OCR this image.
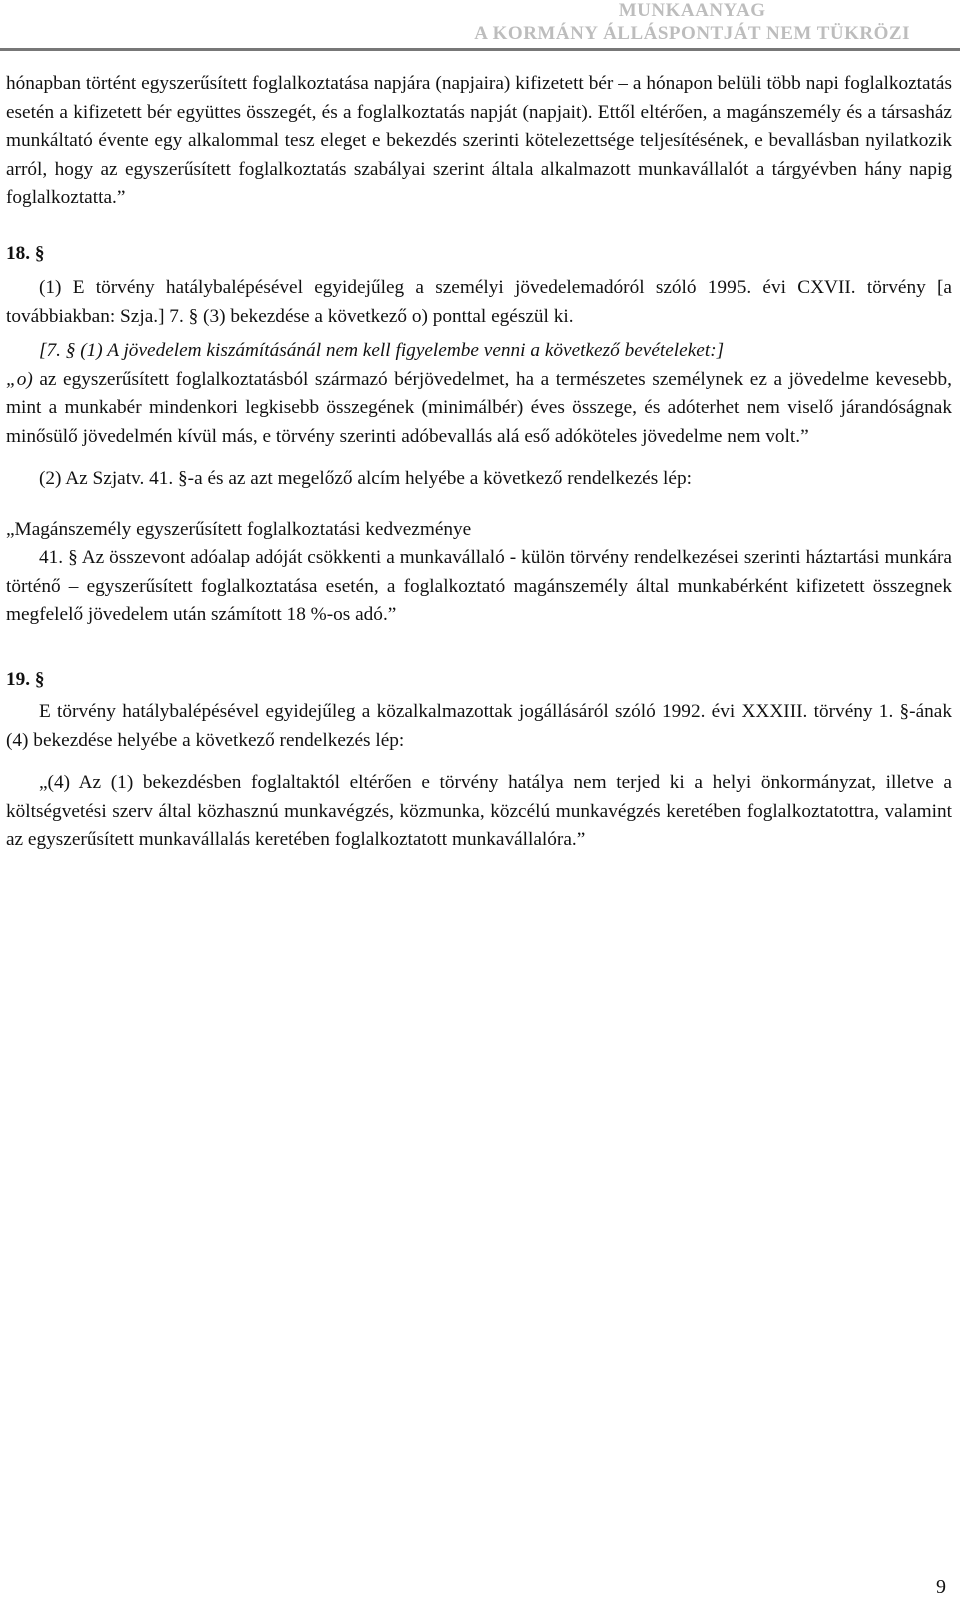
MUNKAANYAG
A KORMÁNY ÁLLÁSPONTJÁT NEM TÜKRÖZI

hónapban történt egyszerűsített foglalkoztatása napjára (napjaira) kifizetett bér – a hónapon belüli több napi foglalkoztatás esetén a kifizetett bér együttes összegét, és a foglalkoztatás napját (napjait). Ettől eltérően, a magánszemély és a társasház munkáltató évente egy alkalommal tesz eleget e bekezdés szerinti kötelezettsége teljesítésének, e bevallásban nyilatkozik arról, hogy az egyszerűsített foglalkoztatás szabályai szerint általa alkalmazott munkavállalót a tárgyévben hány napig foglalkoztatta.”

18. §

(1) E törvény hatálybalépésével egyidejűleg a személyi jövedelemadóról szóló 1995. évi CXVII. törvény [a továbbiakban: Szja.] 7. § (3) bekezdése a következő o) ponttal egészül ki.

[7. § (1) A jövedelem kiszámításánál nem kell figyelembe venni a következő bevételeket:]
„o) az egyszerűsített foglalkoztatásból származó bérjövedelmet, ha a természetes személynek ez a jövedelme kevesebb, mint a munkabér mindenkori legkisebb összegének (minimálbér) éves összege, és adóterhet nem viselő járandóságnak minősülő jövedelmén kívül más, e törvény szerinti adóbevallás alá eső adóköteles jövedelme nem volt.”

(2) Az Szjatv. 41. §-a és az azt megelőző alcím helyébe a következő rendelkezés lép:

„Magánszemély egyszerűsített foglalkoztatási kedvezménye

41. § Az összevont adóalap adóját csökkenti a munkavállaló - külön törvény rendelkezései szerinti háztartási munkára történő – egyszerűsített foglalkoztatása esetén, a foglalkoztató magánszemély által munkabérként kifizetett összegnek megfelelő jövedelem után számított 18 %-os adó.”

19. §

E törvény hatálybalépésével egyidejűleg a közalkalmazottak jogállásáról szóló 1992. évi XXXIII. törvény 1. §-ának (4) bekezdése helyébe a következő rendelkezés lép:

„(4) Az (1) bekezdésben foglaltaktól eltérően e törvény hatálya nem terjed ki a helyi önkormányzat, illetve a költségvetési szerv által közhasznú munkavégzés, közmunka, közcélú munkavégzés keretében foglalkoztatottra, valamint az egyszerűsített munkavállalás keretében foglalkoztatott munkavállalóra.”

9
